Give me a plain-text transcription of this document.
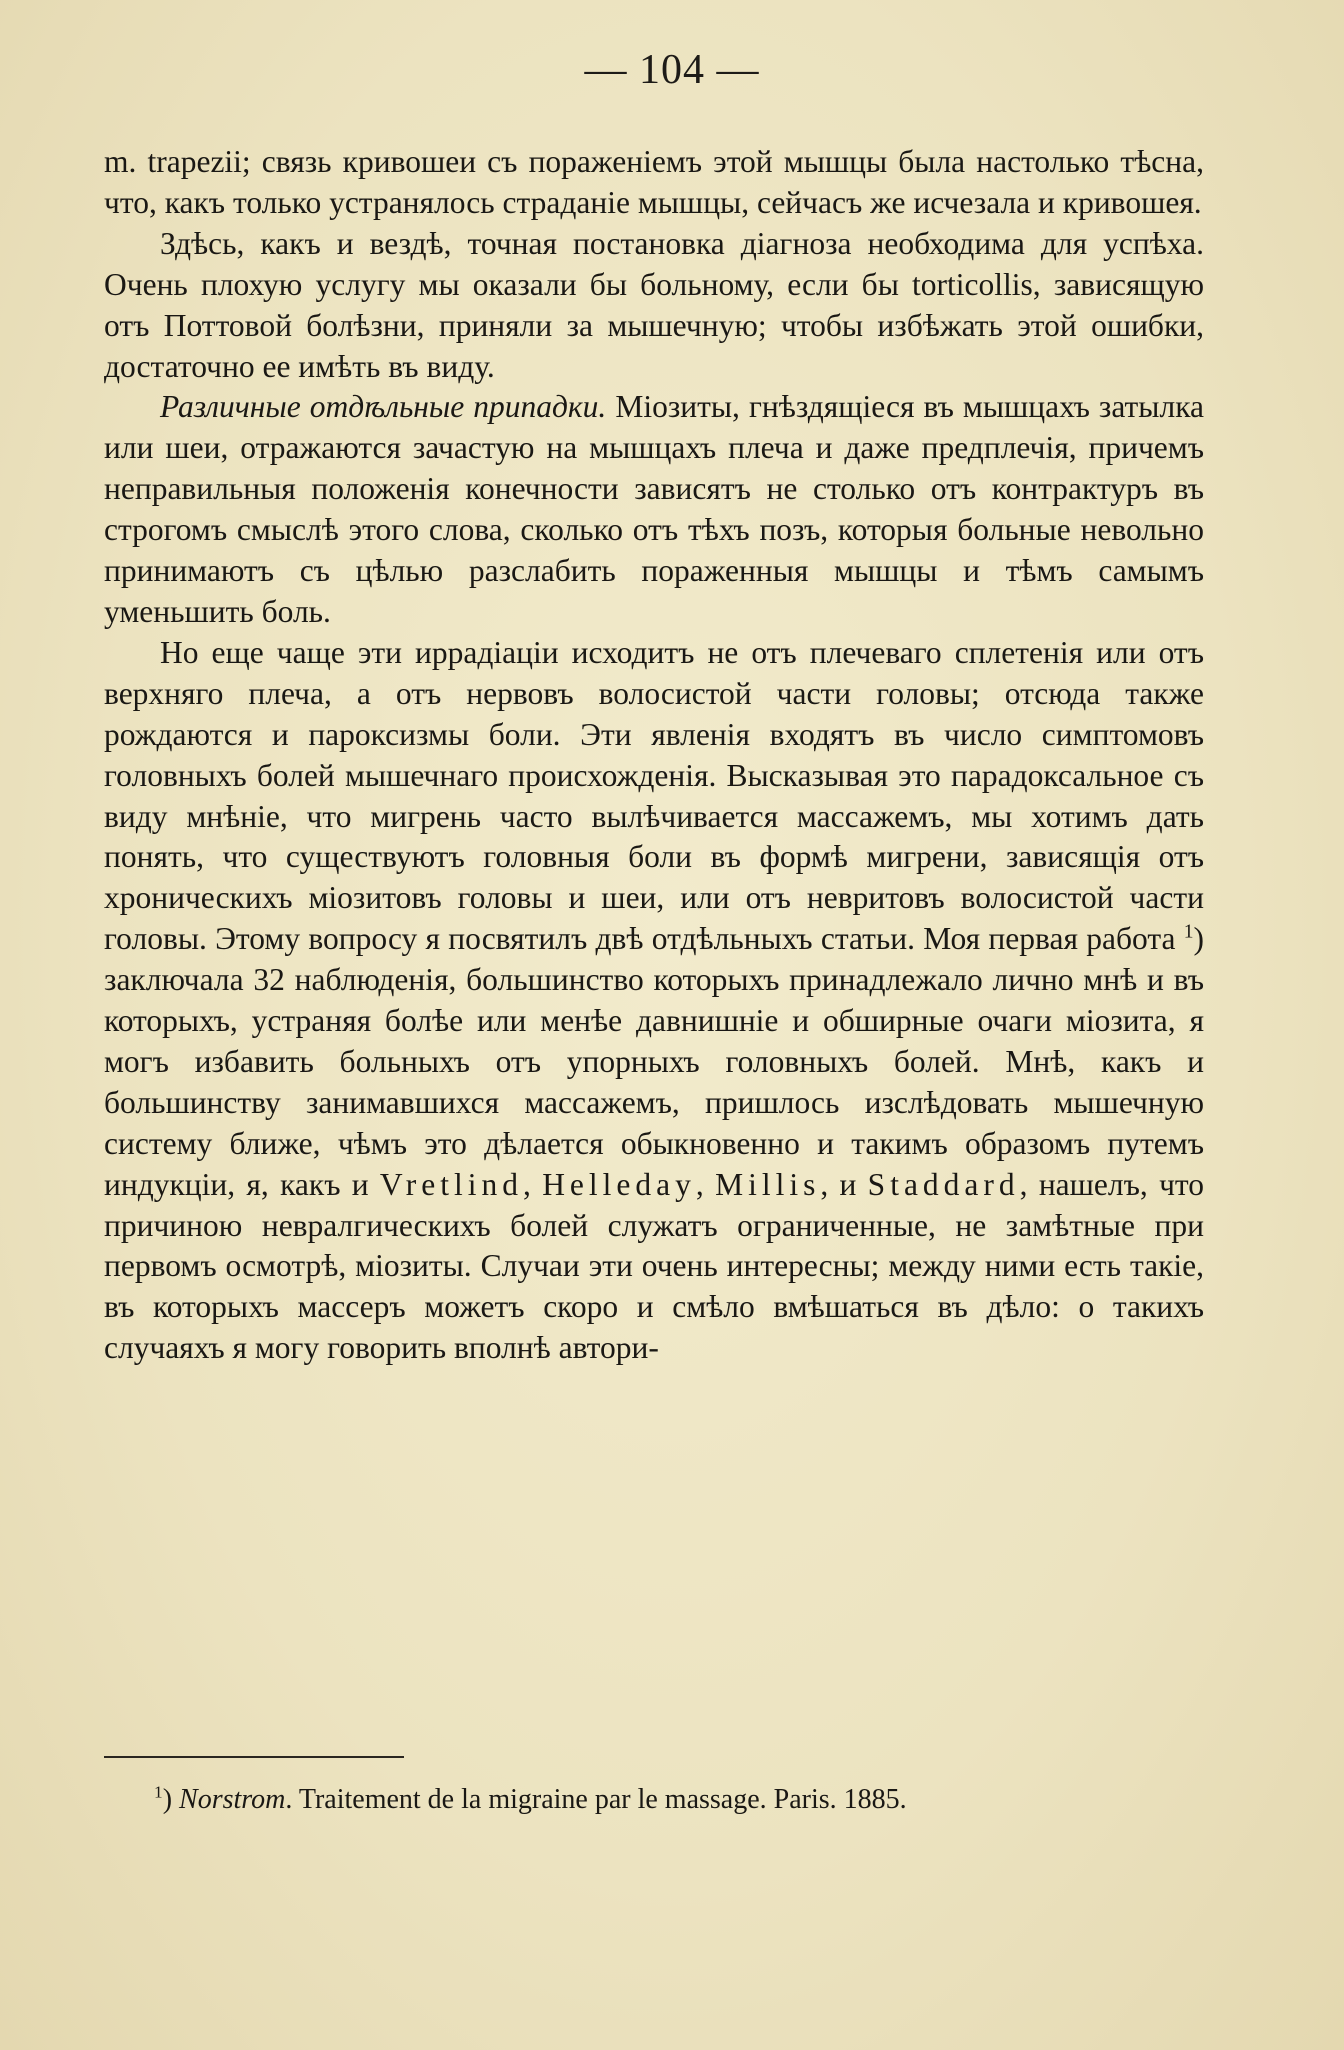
— 104 —

m. trapezii; связь кривошеи съ пораженіемъ этой мышцы была настолько тѣсна, что, какъ только устранялось страданіе мышцы, сейчасъ же исчезала и кривошея.

Здѣсь, какъ и вездѣ, точная постановка діагноза необходима для успѣха. Очень плохую услугу мы оказали бы больному, если бы torticollis, зависящую отъ Поттовой болѣзни, приняли за мышечную; чтобы избѣжать этой ошибки, достаточно ее имѣть въ виду.

Различные отдѣльные припадки. Міозиты, гнѣздящіеся въ мышцахъ затылка или шеи, отражаются зачастую на мышцахъ плеча и даже предплечія, причемъ неправильныя положенія конечности зависятъ не столько отъ контрактуръ въ строгомъ смыслѣ этого слова, сколько отъ тѣхъ позъ, которыя больные невольно принимаютъ съ цѣлью разслабить пораженныя мышцы и тѣмъ самымъ уменьшить боль.

Но еще чаще эти иррадіаціи исходитъ не отъ плечеваго сплетенія или отъ верхняго плеча, а отъ нервовъ волосистой части головы; отсюда также рождаются и пароксизмы боли. Эти явленія входятъ въ число симптомовъ головныхъ болей мышечнаго происхожденія. Высказывая это парадоксальное съ виду мнѣніе, что мигрень часто вылѣчивается массажемъ, мы хотимъ дать понять, что существуютъ головныя боли въ формѣ мигрени, зависящія отъ хроническихъ міозитовъ головы и шеи, или отъ невритовъ волосистой части головы. Этому вопросу я посвятилъ двѣ отдѣльныхъ статьи. Моя первая работа $^1$) заключала 32 наблюденія, большинство которыхъ принадлежало лично мнѣ и въ которыхъ, устраняя болѣе или менѣе давнишніе и обширные очаги міозита, я могъ избавить больныхъ отъ упорныхъ головныхъ болей. Мнѣ, какъ и большинству занимавшихся массажемъ, пришлось изслѣдовать мышечную систему ближе, чѣмъ это дѣлается обыкновенно и такимъ образомъ путемъ индукціи, я, какъ и Vretlind, Helleday, Millis, и Staddard, нашелъ, что причиною невралгическихъ болей служатъ ограниченные, не замѣтные при первомъ осмотрѣ, міозиты. Случаи эти очень интересны; между ними есть такіе, въ которыхъ массеръ можетъ скоро и смѣло вмѣшаться въ дѣло: о такихъ случаяхъ я могу говорить вполнѣ автори-

$^1$) Norstrom. Traitement de la migraine par le massage. Paris. 1885.
